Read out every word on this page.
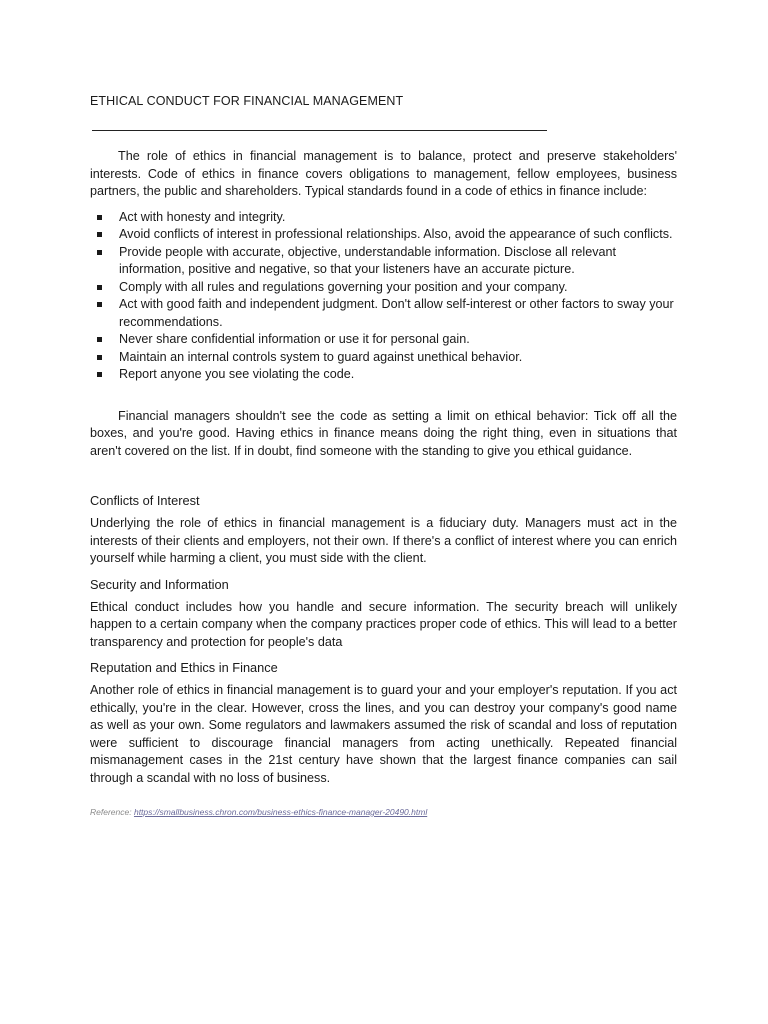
ETHICAL CONDUCT FOR FINANCIAL MANAGEMENT

The role of ethics in financial management is to balance, protect and preserve stakeholders' interests. Code of ethics in finance covers obligations to management, fellow employees, business partners, the public and shareholders. Typical standards found in a code of ethics in finance include:

Act with honesty and integrity.
Avoid conflicts of interest in professional relationships. Also, avoid the appearance of such conflicts.
Provide people with accurate, objective, understandable information. Disclose all relevant information, positive and negative, so that your listeners have an accurate picture.
Comply with all rules and regulations governing your position and your company.
Act with good faith and independent judgment. Don't allow self-interest or other factors to sway your recommendations.
Never share confidential information or use it for personal gain.
Maintain an internal controls system to guard against unethical behavior.
Report anyone you see violating the code.

Financial managers shouldn't see the code as setting a limit on ethical behavior: Tick off all the boxes, and you're good. Having ethics in finance means doing the right thing, even in situations that aren't covered on the list. If in doubt, find someone with the standing to give you ethical guidance.

Conflicts of Interest

Underlying the role of ethics in financial management is a fiduciary duty. Managers must act in the interests of their clients and employers, not their own. If there's a conflict of interest where you can enrich yourself while harming a client, you must side with the client.

Security and Information

Ethical conduct includes how you handle and secure information. The security breach will unlikely happen to a certain company when the company practices proper code of ethics. This will lead to a better transparency and protection for people's data

Reputation and Ethics in Finance

Another role of ethics in financial management is to guard your and your employer's reputation. If you act ethically, you're in the clear. However, cross the lines, and you can destroy your company's good name as well as your own. Some regulators and lawmakers assumed the risk of scandal and loss of reputation were sufficient to discourage financial managers from acting unethically. Repeated financial mismanagement cases in the 21st century have shown that the largest finance companies can sail through a scandal with no loss of business.

Reference: https://smallbusiness.chron.com/business-ethics-finance-manager-20490.html
